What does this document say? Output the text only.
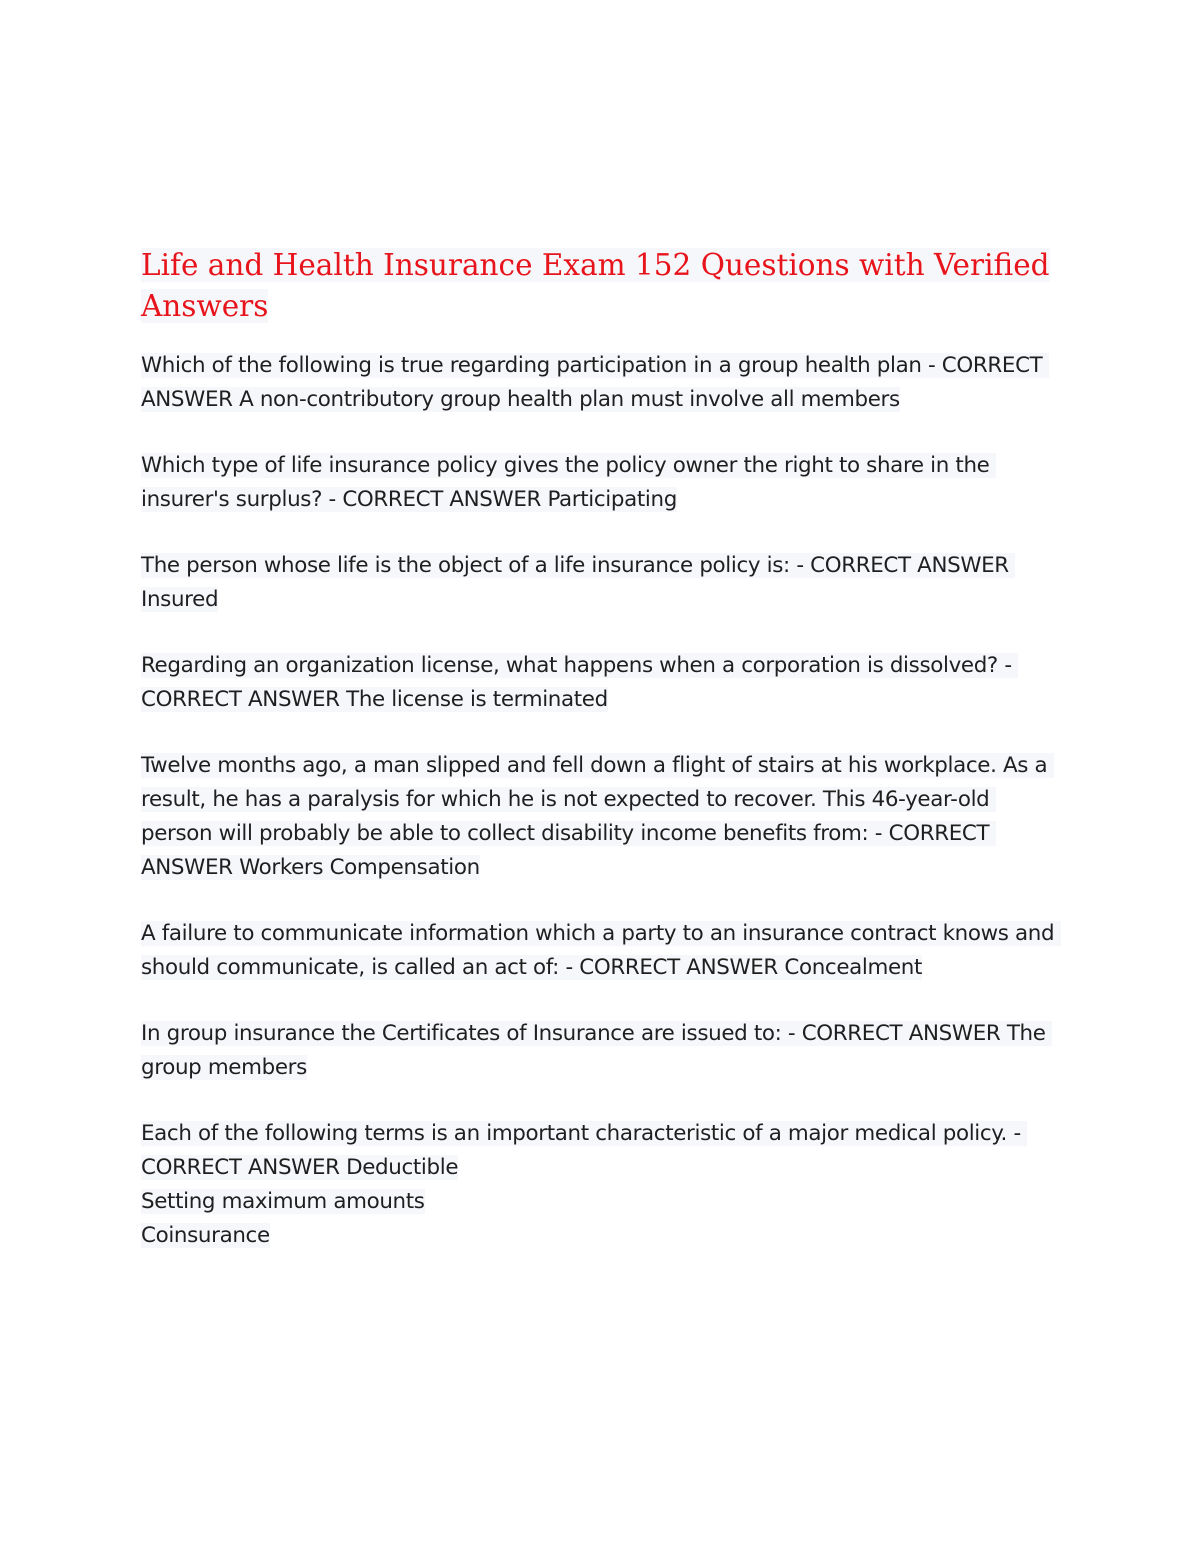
Life and Health Insurance Exam 152 Questions with Verified Answers

Which of the following is true regarding participation in a group health plan - CORRECT ANSWER A non-contributory group health plan must involve all members

Which type of life insurance policy gives the policy owner the right to share in the insurer's surplus? - CORRECT ANSWER Participating

The person whose life is the object of a life insurance policy is: - CORRECT ANSWER Insured

Regarding an organization license, what happens when a corporation is dissolved? - CORRECT ANSWER The license is terminated

Twelve months ago, a man slipped and fell down a flight of stairs at his workplace. As a result, he has a paralysis for which he is not expected to recover. This 46-year-old person will probably be able to collect disability income benefits from: - CORRECT ANSWER Workers Compensation

A failure to communicate information which a party to an insurance contract knows and should communicate, is called an act of: - CORRECT ANSWER Concealment

In group insurance the Certificates of Insurance are issued to: - CORRECT ANSWER The group members

Each of the following terms is an important characteristic of a major medical policy. - CORRECT ANSWER Deductible
Setting maximum amounts
Coinsurance
